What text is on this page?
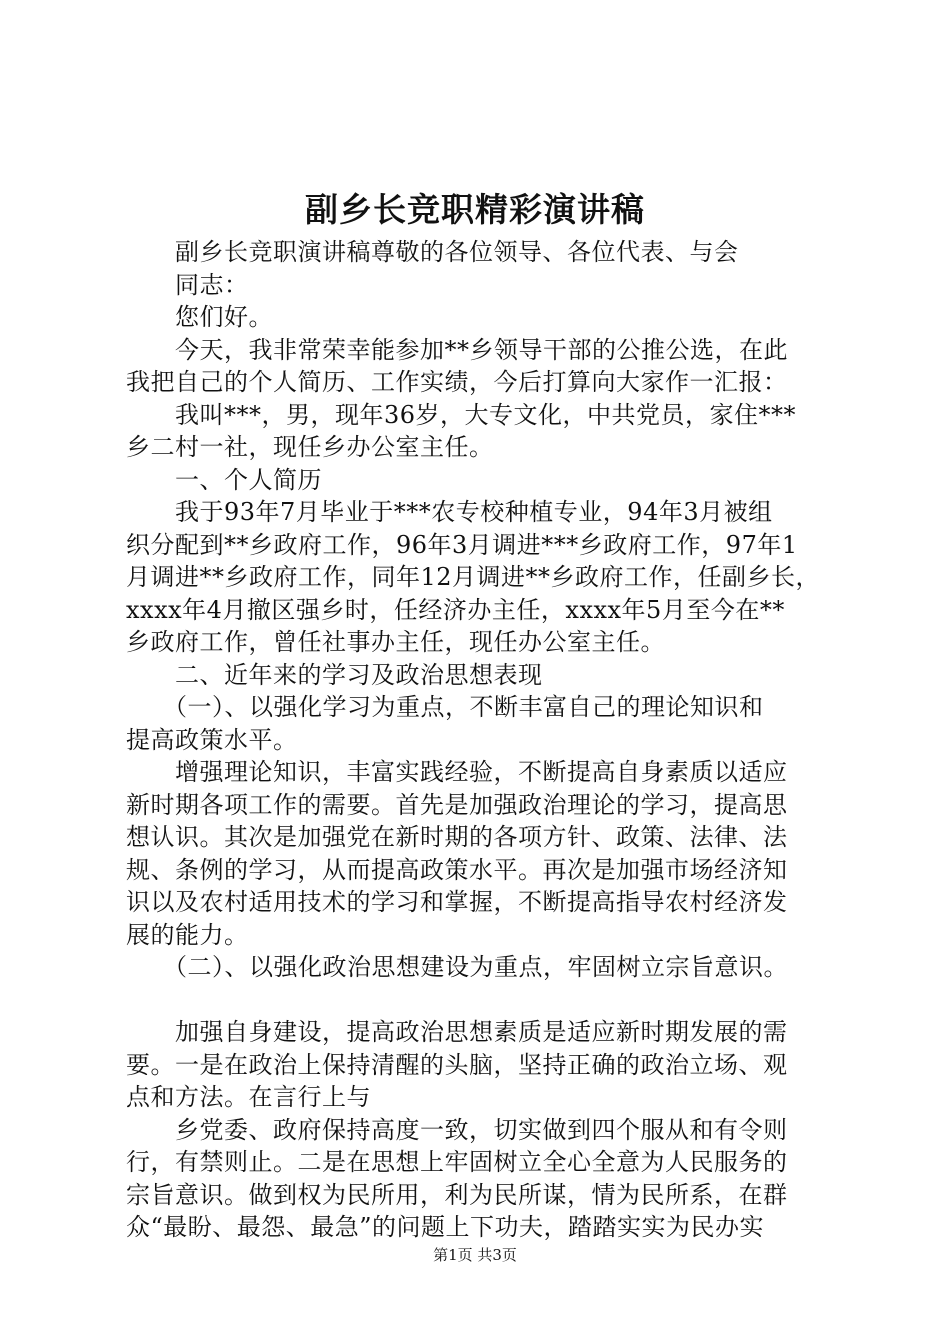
副乡长竞职精彩演讲稿
　　副乡长竞职演讲稿尊敬的各位领导、各位代表、与会
　　同志：
　　您们好。
　　今天，我非常荣幸能参加**乡领导干部的公推公选，在此
我把自己的个人简历、工作实绩，今后打算向大家作一汇报：
　　我叫***，男，现年36岁，大专文化，中共党员，家住***
乡二村一社，现任乡办公室主任。
　　一、个人简历
　　我于93年7月毕业于***农专校种植专业，94年3月被组
织分配到**乡政府工作，96年3月调进***乡政府工作，97年1
月调进**乡政府工作，同年12月调进**乡政府工作，任副乡长，
xxxx年4月撤区强乡时，任经济办主任，xxxx年5月至今在**
乡政府工作，曾任社事办主任，现任办公室主任。
　　二、近年来的学习及政治思想表现
　　（一）、以强化学习为重点，不断丰富自己的理论知识和
提高政策水平。
　　增强理论知识，丰富实践经验，不断提高自身素质以适应
新时期各项工作的需要。首先是加强政治理论的学习，提高思
想认识。其次是加强党在新时期的各项方针、政策、法律、法
规、条例的学习，从而提高政策水平。再次是加强市场经济知
识以及农村适用技术的学习和掌握，不断提高指导农村经济发
展的能力。
　　（二）、以强化政治思想建设为重点，牢固树立宗旨意识。
　　加强自身建设，提高政治思想素质是适应新时期发展的需
要。一是在政治上保持清醒的头脑，坚持正确的政治立场、观
点和方法。在言行上与
　　乡党委、政府保持高度一致，切实做到四个服从和有令则
行，有禁则止。二是在思想上牢固树立全心全意为人民服务的
宗旨意识。做到权为民所用，利为民所谋，情为民所系，在群
众“最盼、最怨、最急”的问题上下功夫，踏踏实实为民办实
第1页 共3页
